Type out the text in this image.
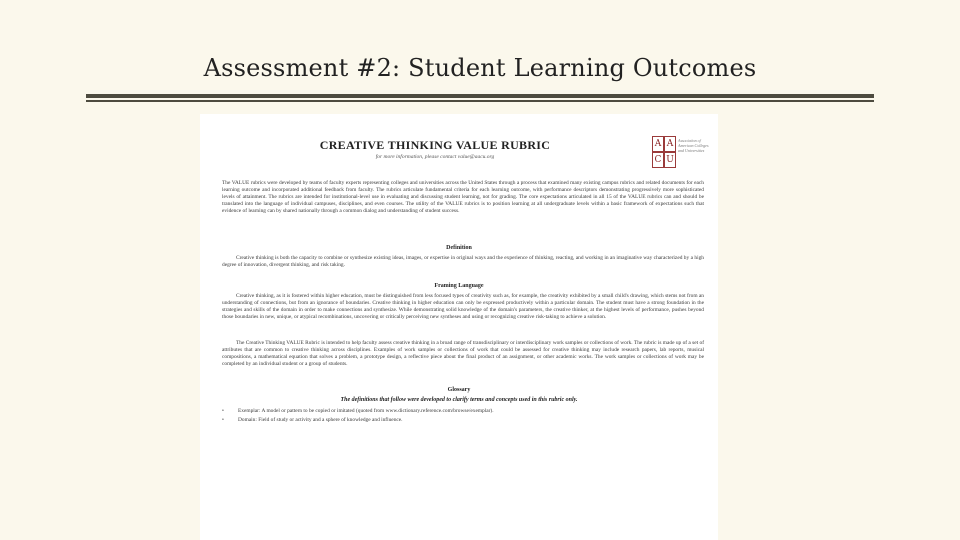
Assessment #2: Student Learning Outcomes
CREATIVE THINKING VALUE RUBRIC
for more information, please contact value@aacu.org
A A
C U
Association of American Colleges and Universities
The VALUE rubrics were developed by teams of faculty experts representing colleges and universities across the United States through a process that examined many existing campus rubrics and related documents for each learning outcome and incorporated additional feedback from faculty. The rubrics articulate fundamental criteria for each learning outcome, with performance descriptors demonstrating progressively more sophisticated levels of attainment. The rubrics are intended for institutional-level use in evaluating and discussing student learning, not for grading. The core expectations articulated in all 15 of the VALUE rubrics can and should be translated into the language of individual campuses, disciplines, and even courses. The utility of the VALUE rubrics is to position learning at all undergraduate levels within a basic framework of expectations such that evidence of learning can by shared nationally through a common dialog and understanding of student success.
Definition
Creative thinking is both the capacity to combine or synthesize existing ideas, images, or expertise in original ways and the experience of thinking, reacting, and working in an imaginative way characterized by a high degree of innovation, divergent thinking, and risk taking.
Framing Language
Creative thinking, as it is fostered within higher education, must be distinguished from less focused types of creativity such as, for example, the creativity exhibited by a small child's drawing, which stems not from an understanding of connections, but from an ignorance of boundaries. Creative thinking in higher education can only be expressed productively within a particular domain. The student must have a strong foundation in the strategies and skills of the domain in order to make connections and synthesize. While demonstrating solid knowledge of the domain's parameters, the creative thinker, at the highest levels of performance, pushes beyond those boundaries in new, unique, or atypical recombinations, uncovering or critically perceiving new syntheses and using or recognizing creative risk-taking to achieve a solution.
The Creative Thinking VALUE Rubric is intended to help faculty assess creative thinking in a broad range of transdisciplinary or interdisciplinary work samples or collections of work. The rubric is made up of a set of attributes that are common to creative thinking across disciplines. Examples of work samples or collections of work that could be assessed for creative thinking may include research papers, lab reports, musical compositions, a mathematical equation that solves a problem, a prototype design, a reflective piece about the final product of an assignment, or other academic works. The work samples or collections of work may be completed by an individual student or a group of students.
Glossary
The definitions that follow were developed to clarify terms and concepts used in this rubric only.
•	Exemplar: A model or pattern to be copied or imitated (quoted from www.dictionary.reference.com/browse/exemplar).
•	Domain: Field of study or activity and a sphere of knowledge and influence.
